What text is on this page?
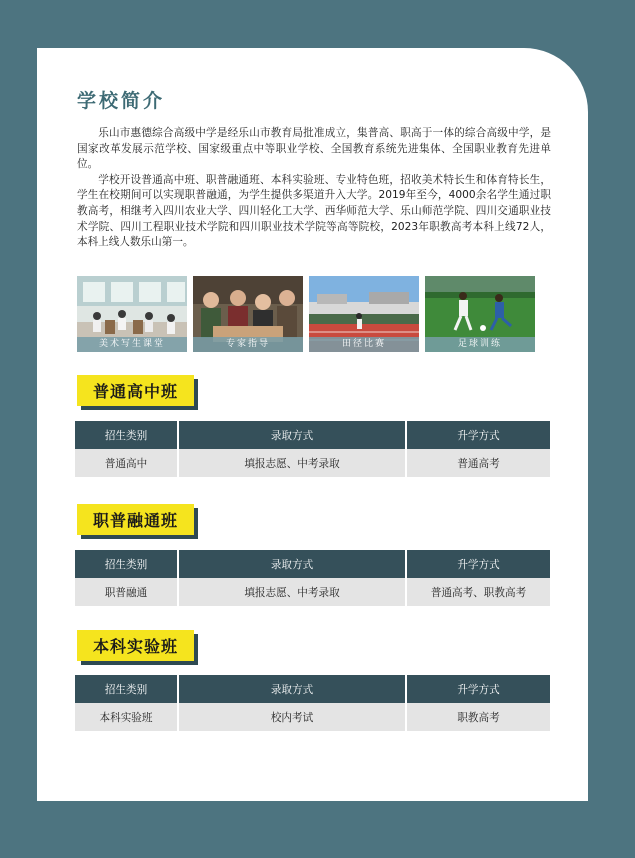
学校简介

乐山市惠德综合高级中学是经乐山市教育局批准成立，集普高、职高于一体的综合高级中学，是国家改革发展示范学校、国家级重点中等职业学校、全国教育系统先进集体、全国职业教育先进单位。

学校开设普通高中班、职普融通班、本科实验班、专业特色班，招收美术特长生和体育特长生，学生在校期间可以实现职普融通，为学生提供多渠道升入大学。2019年至今，4000余名学生通过职教高考，相继考入四川农业大学、四川轻化工大学、西华师范大学、乐山师范学院、四川交通职业技术学院、四川工程职业技术学院和四川职业技术学院等高等院校，2023年职教高考本科上线72人，本科上线人数乐山第一。

美术写生课堂	专家指导	田径比赛	足球训练
普通高中班
招生类别	录取方式	升学方式
普通高中	填报志愿、中考录取	普通高考
职普融通班
招生类别	录取方式	升学方式
职普融通	填报志愿、中考录取	普通高考、职教高考
本科实验班
招生类别	录取方式	升学方式
本科实验班	校内考试	职教高考
